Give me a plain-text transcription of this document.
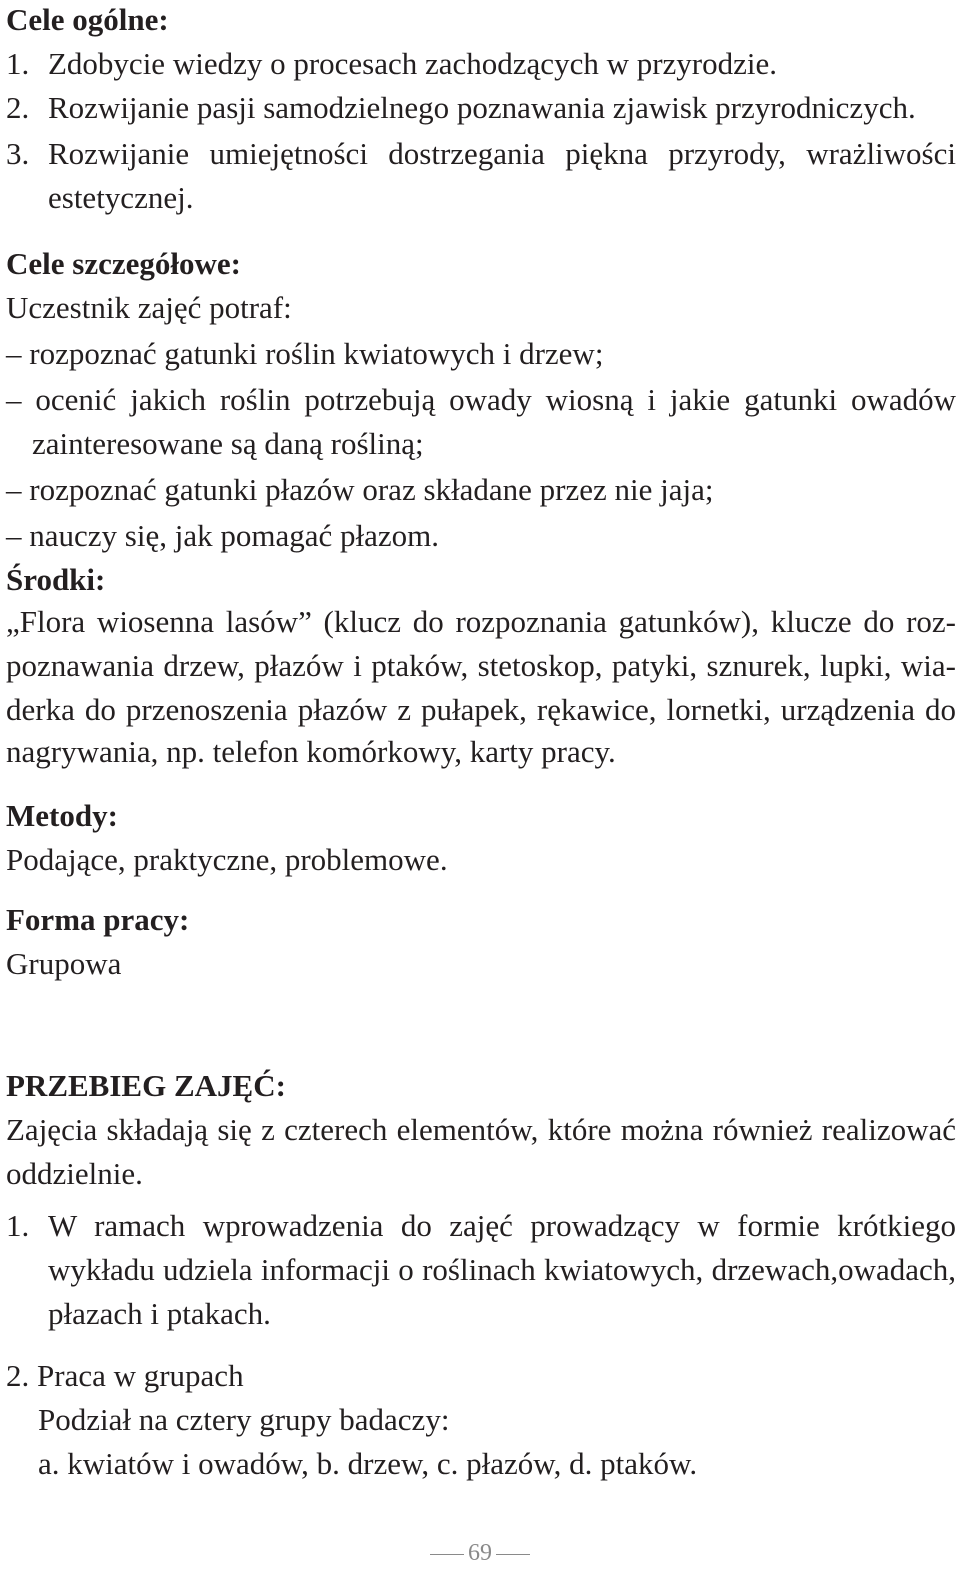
Cele ogólne:
1. Zdobycie wiedzy o procesach zachodzących w przyrodzie.
2. Rozwijanie pasji samodzielnego poznawania zjawisk przyrodniczych.
3. Rozwijanie umiejętności dostrzegania piękna przyrody, wrażliwości
estetycznej.
Cele szczegółowe:
Uczestnik zajęć potraf:
– rozpoznać gatunki roślin kwiatowych i drzew;
– ocenić jakich roślin potrzebują owady wiosną i jakie gatunki owadów
zainteresowane są daną rośliną;
– rozpoznać gatunki płazów oraz składane przez nie jaja;
– nauczy się, jak pomagać płazom.
Środki:
„Flora wiosenna lasów” (klucz do rozpoznania gatunków), klucze do roz-
poznawania drzew, płazów i ptaków, stetoskop, patyki, sznurek, lupki, wia-
derka do przenoszenia płazów z pułapek, rękawice, lornetki, urządzenia do
nagrywania, np. telefon komórkowy, karty pracy.
Metody:
Podające, praktyczne, problemowe.
Forma pracy:
Grupowa
PRZEBIEG ZAJĘĆ:
Zajęcia składają się z czterech elementów, które można również realizować
oddzielnie.
1. W ramach wprowadzenia do zajęć prowadzący w formie krótkiego
wykładu udziela informacji o roślinach kwiatowych, drzewach,owadach,
płazach i ptakach.
2. Praca w grupach
Podział na cztery grupy badaczy:
a. kwiatów i owadów, b. drzew, c. płazów, d. ptaków.
69
